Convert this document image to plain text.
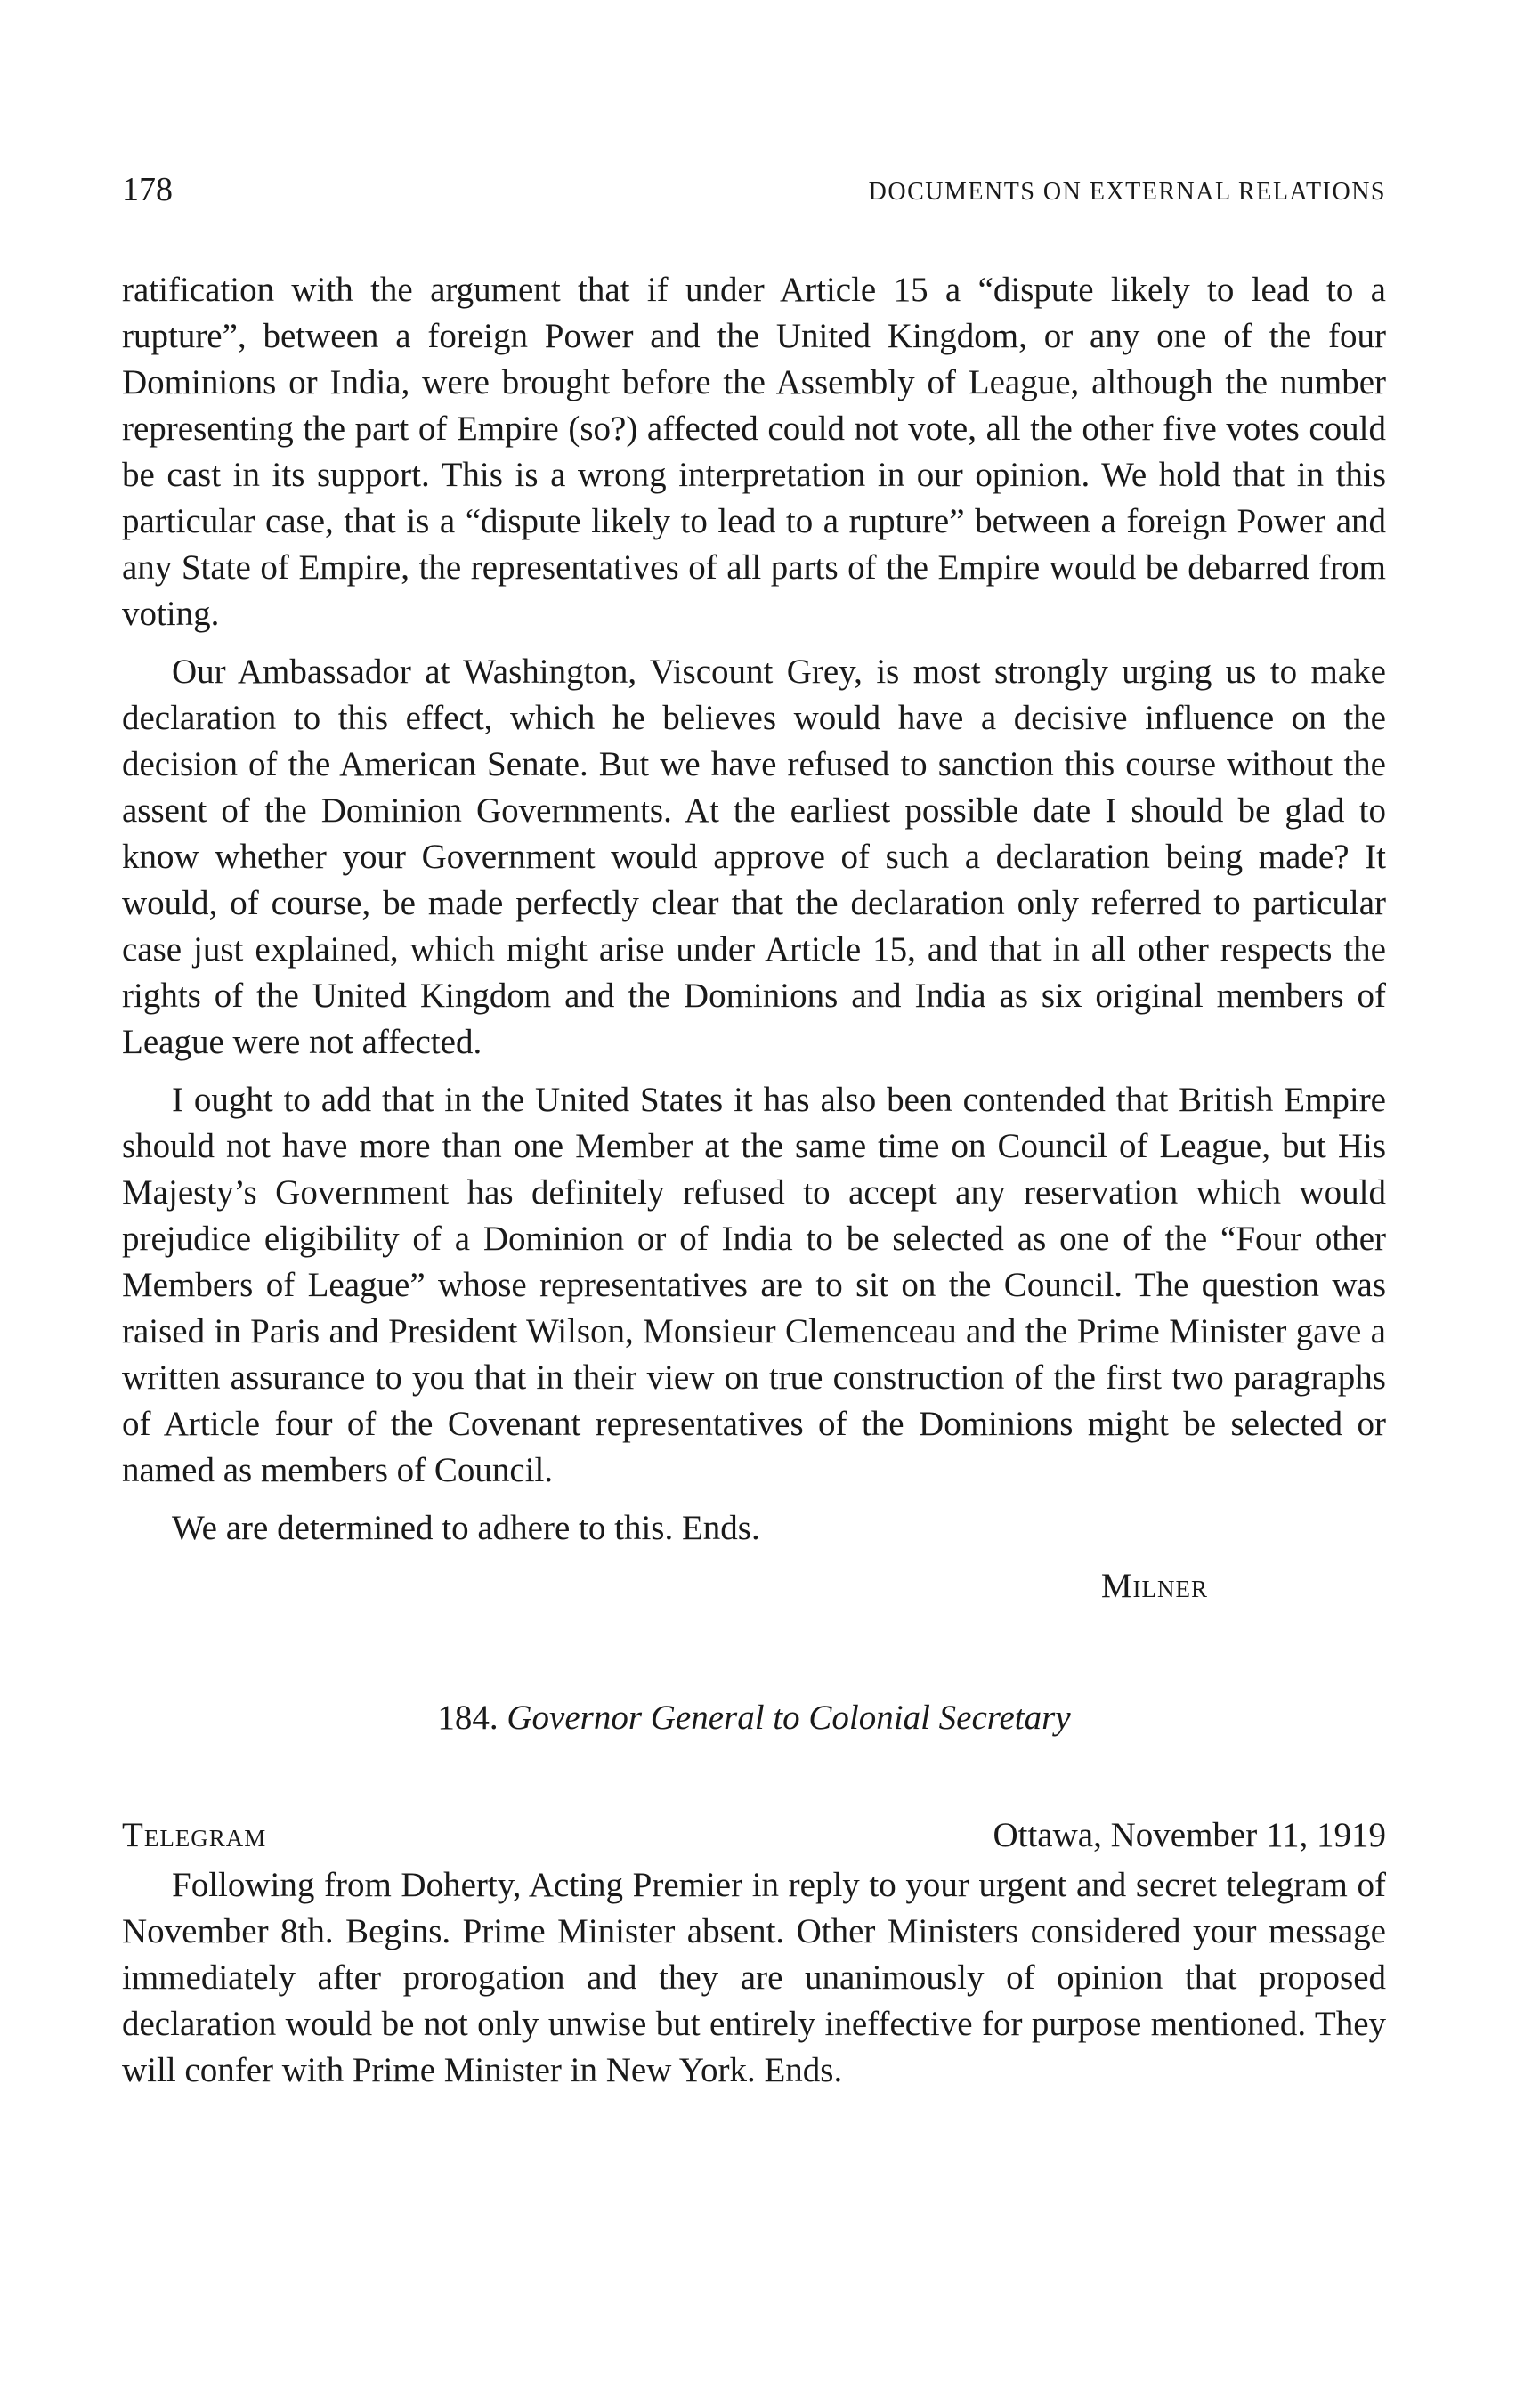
178	DOCUMENTS ON EXTERNAL RELATIONS

ratification with the argument that if under Article 15 a “dispute likely to lead to a rupture”, between a foreign Power and the United Kingdom, or any one of the four Dominions or India, were brought before the Assembly of League, although the number representing the part of Empire (so?) affected could not vote, all the other five votes could be cast in its support. This is a wrong interpretation in our opinion. We hold that in this particular case, that is a “dispute likely to lead to a rupture” between a foreign Power and any State of Empire, the representatives of all parts of the Empire would be debarred from voting.

Our Ambassador at Washington, Viscount Grey, is most strongly urging us to make declaration to this effect, which he believes would have a decisive influence on the decision of the American Senate. But we have refused to sanction this course without the assent of the Dominion Governments. At the earliest possible date I should be glad to know whether your Government would approve of such a declaration being made? It would, of course, be made perfectly clear that the declaration only referred to particular case just explained, which might arise under Article 15, and that in all other respects the rights of the United Kingdom and the Dominions and India as six original members of League were not affected.

I ought to add that in the United States it has also been contended that British Empire should not have more than one Member at the same time on Council of League, but His Majesty’s Government has definitely refused to accept any reservation which would prejudice eligibility of a Dominion or of India to be selected as one of the “Four other Members of League” whose representatives are to sit on the Council. The question was raised in Paris and President Wilson, Monsieur Clemenceau and the Prime Minister gave a written assurance to you that in their view on true construction of the first two paragraphs of Article four of the Covenant representatives of the Dominions might be selected or named as members of Council.

We are determined to adhere to this. Ends.

Milner
184. Governor General to Colonial Secretary
Telegram	Ottawa, November 11, 1919

Following from Doherty, Acting Premier in reply to your urgent and secret telegram of November 8th. Begins. Prime Minister absent. Other Ministers considered your message immediately after prorogation and they are unanimously of opinion that proposed declaration would be not only unwise but entirely ineffective for purpose mentioned. They will confer with Prime Minister in New York. Ends.
